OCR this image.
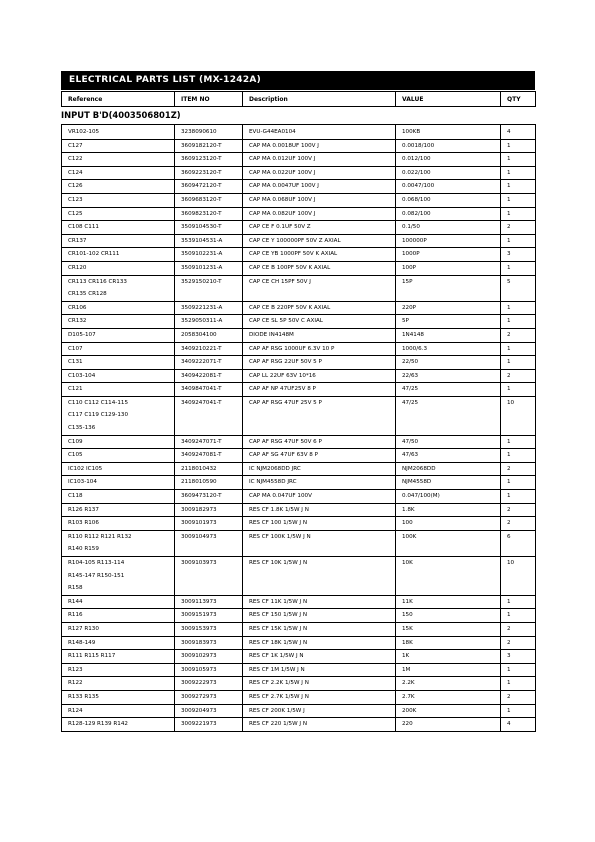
ELECTRICAL PARTS LIST (MX-1242A)
Reference	ITEM NO	Description	VALUE	QTY
INPUT B'D(4003506801Z)
VR102-105	3238090610	EVU-G44EA0104	100KB	4

C127	3609182120-T	CAP MA 0.0018UF 100V J	0.0018/100	1

C122	3609123120-T	CAP MA 0.012UF 100V J	0.012/100	1

C124	3609223120-T	CAP MA 0.022UF 100V J	0.022/100	1

C126	3609472120-T	CAP MA 0.0047UF 100V J	0.0047/100	1

C123	3609683120-T	CAP MA 0.068UF 100V J	0.068/100	1

C125	3609823120-T	CAP MA 0.082UF 100V J	0.082/100	1

C108 C111	3509104530-T	CAP CE F 0.1UF 50V Z	0.1/50	2

CR137	3539104531-A	CAP CE Y 100000PF 50V Z AXIAL	100000P	1

CR101-102 CR111	3509102231-A	CAP CE YB 1000PF 50V K AXIAL	1000P	3

CR120	3509101231-A	CAP CE B 100PF 50V K AXIAL	100P	1

CR113 CR116 CR133
CR135 CR128	3529150210-T	CAP CE CH 15PF 50V J	15P	5

CR106	3509221231-A	CAP CE B 220PF 50V K AXIAL	220P	1

CR132	3529050311-A	CAP CE SL 5P 50V C AXIAL	5P	1

D105-107	2058304100	DIODE IN4148M	1N4148	2

C107	3409210221-T	CAP AF RSG 1000UF 6.3V 10 P	1000/6.3	1

C131	3409222071-T	CAP AF RSG 22UF 50V 5 P	22/50	1

C103-104	3409422081-T	CAP LL 22UF 63V 10*16	22/63	2

C121	3409847041-T	CAP AF NP 47UF25V 8 P	47/25	1

C110 C112 C114-115
C117 C119 C129-130
C135-136	3409247041-T	CAP AF RSG 47UF 25V 5 P	47/25	10

C109	3409247071-T	CAP AF RSG 47UF 50V 6 P	47/50	1

C105	3409247081-T	CAP AF SG 47UF 63V 8 P	47/63	1

IC102 IC105	2118010432	IC NJM2068DD JRC	NJM2068DD	2

IC103-104	2118010590	IC NJM4558D JRC	NJM4558D	1

C118	3609473120-T	CAP MA 0.047UF 100V	0.047/100(M)	1

R126 R137	3009182973	RES CF 1.8K 1/5W J N	1.8K	2

R103 R106	3009101973	RES CF 100 1/5W J N	100	2

R110 R112 R121 R132
R140 R159	3009104973	RES CF 100K 1/5W J N	100K	6

R104-105 R113-114
R145-147 R150-151
R158	3009103973	RES CF 10K 1/5W J N	10K	10

R144	3009113973	RES CF 11K 1/5W J N	11K	1

R116	3009151973	RES CF 150 1/5W J N	150	1

R127 R130	3009153973	RES CF 15K 1/5W J N	15K	2

R148-149	3009183973	RES CF 18K 1/5W J N	18K	2

R111 R115 R117	3009102973	RES CF 1K 1/5W J N	1K	3

R123	3009105973	RES CF 1M 1/5W J N	1M	1

R122	3009222973	RES CF 2.2K 1/5W J N	2.2K	1

R133 R135	3009272973	RES CF 2.7K 1/5W J N	2.7K	2

R124	3009204973	RES CF 200K 1/5W J	200K	1

R128-129 R139 R142	3009221973	RES CF 220 1/5W J N	220	4
